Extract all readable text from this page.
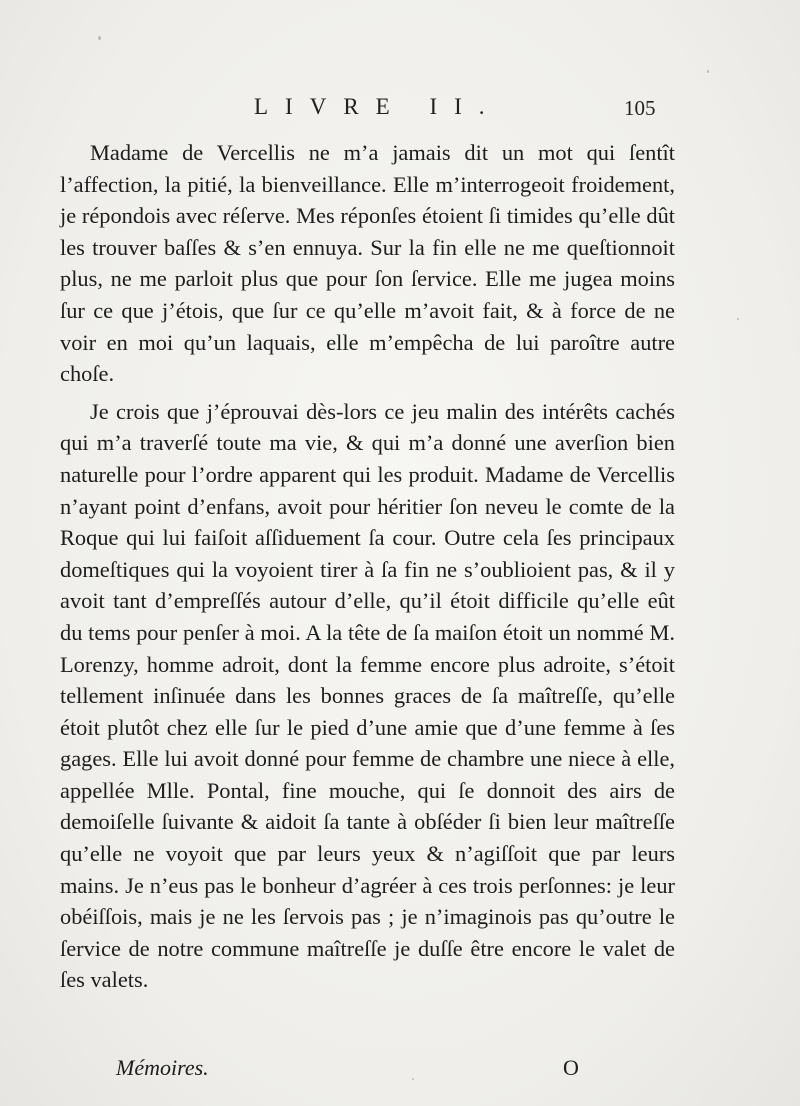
LIVRE II.	105

Madame de Vercellis ne m’a jamais dit un mot qui ſentît l’affection, la pitié, la bienveillance. Elle m’interrogeoit froidement, je répondois avec réſerve. Mes réponſes étoient ſi timides qu’elle dût les trouver baſſes & s’en ennuya. Sur la fin elle ne me queſtionnoit plus, ne me parloit plus que pour ſon ſervice. Elle me jugea moins ſur ce que j’étois, que ſur ce qu’elle m’avoit fait, & à force de ne voir en moi qu’un laquais, elle m’empêcha de lui paroître autre choſe.

Je crois que j’éprouvai dès-lors ce jeu malin des intérêts cachés qui m’a traverſé toute ma vie, & qui m’a donné une averſion bien naturelle pour l’ordre apparent qui les produit. Madame de Vercellis n’ayant point d’enfans, avoit pour héritier ſon neveu le comte de la Roque qui lui faiſoit aſſiduement ſa cour. Outre cela ſes principaux domeſtiques qui la voyoient tirer à ſa fin ne s’oublioient pas, & il y avoit tant d’empreſſés autour d’elle, qu’il étoit difficile qu’elle eût du tems pour penſer à moi. A la tête de ſa maiſon étoit un nommé M. Lorenzy, homme adroit, dont la femme encore plus adroite, s’étoit tellement inſinuée dans les bonnes graces de ſa maîtreſſe, qu’elle étoit plutôt chez elle ſur le pied d’une amie que d’une femme à ſes gages. Elle lui avoit donné pour femme de chambre une niece à elle, appellée Mlle. Pontal, fine mouche, qui ſe donnoit des airs de demoiſelle ſuivante & aidoit ſa tante à obſéder ſi bien leur maîtreſſe qu’elle ne voyoit que par leurs yeux & n’agiſſoit que par leurs mains. Je n’eus pas le bonheur d’agréer à ces trois perſonnes: je leur obéiſſois, mais je ne les ſervois pas ; je n’imaginois pas qu’outre le ſervice de notre commune maîtreſſe je duſſe être encore le valet de ſes valets.

Mémoires.	O
